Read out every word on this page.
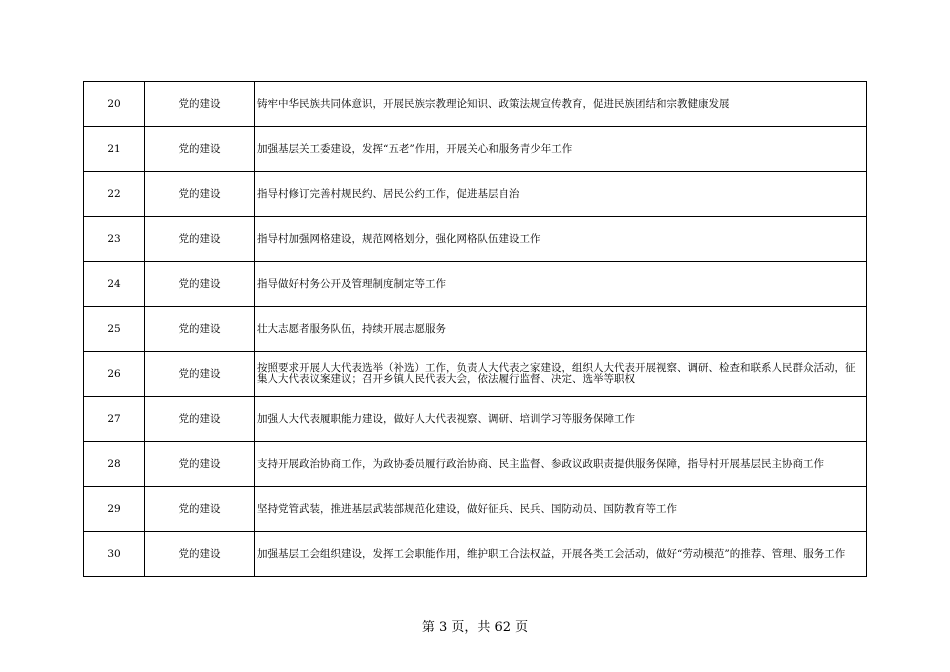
20	党的建设	铸牢中华民族共同体意识，开展民族宗教理论知识、政策法规宣传教育，促进民族团结和宗教健康发展
21	党的建设	加强基层关工委建设，发挥“五老”作用，开展关心和服务青少年工作
22	党的建设	指导村修订完善村规民约、居民公约工作，促进基层自治
23	党的建设	指导村加强网格建设，规范网格划分，强化网格队伍建设工作
24	党的建设	指导做好村务公开及管理制度制定等工作
25	党的建设	壮大志愿者服务队伍，持续开展志愿服务
26	党的建设	按照要求开展人大代表选举（补选）工作，负责人大代表之家建设，组织人大代表开展视察、调研、检查和联系人民群众活动，征集人大代表议案建议；召开乡镇人民代表大会，依法履行监督、决定、选举等职权
27	党的建设	加强人大代表履职能力建设，做好人大代表视察、调研、培训学习等服务保障工作
28	党的建设	支持开展政治协商工作，为政协委员履行政治协商、民主监督、参政议政职责提供服务保障，指导村开展基层民主协商工作
29	党的建设	坚持党管武装，推进基层武装部规范化建设，做好征兵、民兵、国防动员、国防教育等工作
30	党的建设	加强基层工会组织建设，发挥工会职能作用，维护职工合法权益，开展各类工会活动，做好“劳动模范”的推荐、管理、服务工作
第 3 页，共 62 页
